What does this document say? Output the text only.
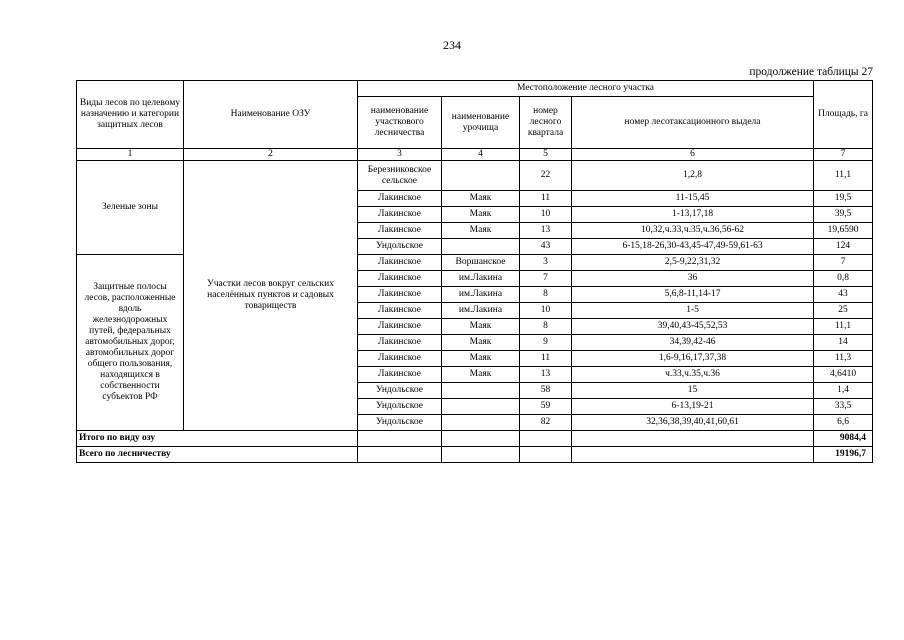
234
продолжение таблицы 27
Виды лесов по целевому назначению и категории защитных лесов	Наименование ОЗУ	Местоположение лесного участка				Площадь, га
		наименование участкового лесничества	наименование урочища	номер лесного квартала	номер лесотаксационного выдела	
1	2	3	4	5	6	7
Зеленые зоны	Участки лесов вокруг сельских населённых пунктов и садовых товариществ	Березниковское сельское		22	1,2,8	11,1
		Лакинское	Маяк	11	11-15,45	19,5
		Лакинское	Маяк	10	1-13,17,18	39,5
		Лакинское	Маяк	13	10,32,ч.33,ч.35,ч.36,56-62	19,6590
		Ундольское		43	6-15,18-26,30-43,45-47,49-59,61-63	124
Защитные полосы лесов, расположенные вдоль железнодорожных путей, федеральных автомобильных дорог, автомобильных дорог общего пользования, находящихся в собственности субъектов РФ		Лакинское	Воршанское	3	2,5-9,22,31,32	7
		Лакинское	им.Лакина	7	36	0,8
		Лакинское	им.Лакина	8	5,6,8-11,14-17	43
		Лакинское	им.Лакина	10	1-5	25
		Лакинское	Маяк	8	39,40,43-45,52,53	11,1
		Лакинское	Маяк	9	34,39,42-46	14
		Лакинское	Маяк	11	1,6-9,16,17,37,38	11,3
		Лакинское	Маяк	13	ч.33,ч.35,ч.36	4,6410
		Ундольское		58	15	1,4
		Ундольское		59	6-13,19-21	33,5
		Ундольское		82	32,36,38,39,40,41,60,61	6,6
Итого по виду озу						9084,4
Всего по лесничеству						19196,7
